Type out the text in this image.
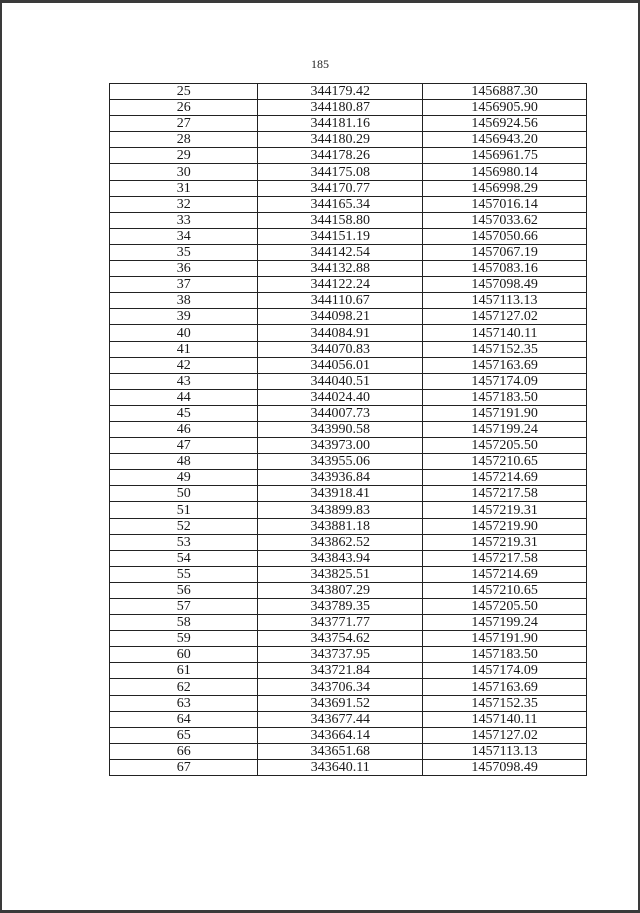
185
25	344179.42	1456887.30
26	344180.87	1456905.90
27	344181.16	1456924.56
28	344180.29	1456943.20
29	344178.26	1456961.75
30	344175.08	1456980.14
31	344170.77	1456998.29
32	344165.34	1457016.14
33	344158.80	1457033.62
34	344151.19	1457050.66
35	344142.54	1457067.19
36	344132.88	1457083.16
37	344122.24	1457098.49
38	344110.67	1457113.13
39	344098.21	1457127.02
40	344084.91	1457140.11
41	344070.83	1457152.35
42	344056.01	1457163.69
43	344040.51	1457174.09
44	344024.40	1457183.50
45	344007.73	1457191.90
46	343990.58	1457199.24
47	343973.00	1457205.50
48	343955.06	1457210.65
49	343936.84	1457214.69
50	343918.41	1457217.58
51	343899.83	1457219.31
52	343881.18	1457219.90
53	343862.52	1457219.31
54	343843.94	1457217.58
55	343825.51	1457214.69
56	343807.29	1457210.65
57	343789.35	1457205.50
58	343771.77	1457199.24
59	343754.62	1457191.90
60	343737.95	1457183.50
61	343721.84	1457174.09
62	343706.34	1457163.69
63	343691.52	1457152.35
64	343677.44	1457140.11
65	343664.14	1457127.02
66	343651.68	1457113.13
67	343640.11	1457098.49
